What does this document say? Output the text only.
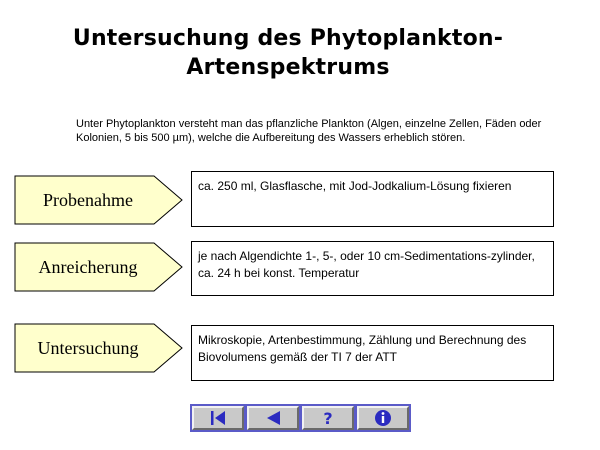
Untersuchung des Phytoplankton-
Artenspektrums
Unter Phytoplankton versteht man das pflanzliche Plankton (Algen, einzelne Zellen, Fäden oder Kolonien, 5 bis 500 µm), welche die Aufbereitung des Wassers erheblich stören.
Probenahme
ca. 250 ml, Glasflasche, mit Jod-Jodkalium-Lösung fixieren
Anreicherung
je nach Algendichte 1-, 5-, oder 10 cm-Sedimentations-zylinder, ca. 24 h bei konst. Temperatur
Untersuchung	Mikroskopie, Artenbestimmung, Zählung und Berechnung des Biovolumens gemäß der TI 7 der ATT
?
